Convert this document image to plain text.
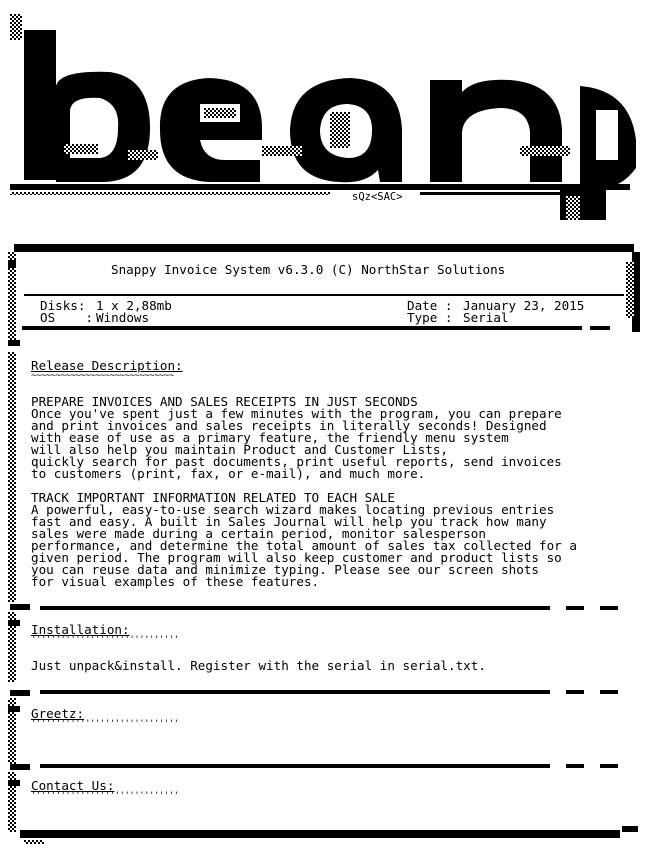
sQz<SAC>
Snappy Invoice System v6.3.0 (C) NorthStar Solutions
Disks: 1 x 2,88mb
OS    : Windows
Date : January 23, 2015
Type : Serial
Release Description:
~~~~~~~~~~~~~~~~~~~~~~~~~~~~~
PREPARE INVOICES AND SALES RECEIPTS IN JUST SECONDS
Once you've spent just a few minutes with the program, you can prepare
and print invoices and sales receipts in literally seconds! Designed
with ease of use as a primary feature, the friendly menu system
will also help you maintain Product and Customer Lists,
quickly search for past documents, print useful reports, send invoices
to customers (print, fax, or e-mail), and much more.
TRACK IMPORTANT INFORMATION RELATED TO EACH SALE
A powerful, easy-to-use search wizard makes locating previous entries
fast and easy. A built in Sales Journal will help you track how many
sales were made during a certain period, monitor salesperson
performance, and determine the total amount of sales tax collected for a
given period. The program will also keep customer and product lists so
you can reuse data and minimize typing. Please see our screen shots
for visual examples of these features.
Installation:
''''''''''''''''''''''''''''''
Just unpack&install. Register with the serial in serial.txt.
Greetz:
''''''''''''''''''''''''''''''
Contact Us:
''''''''''''''''''''''''''''''
